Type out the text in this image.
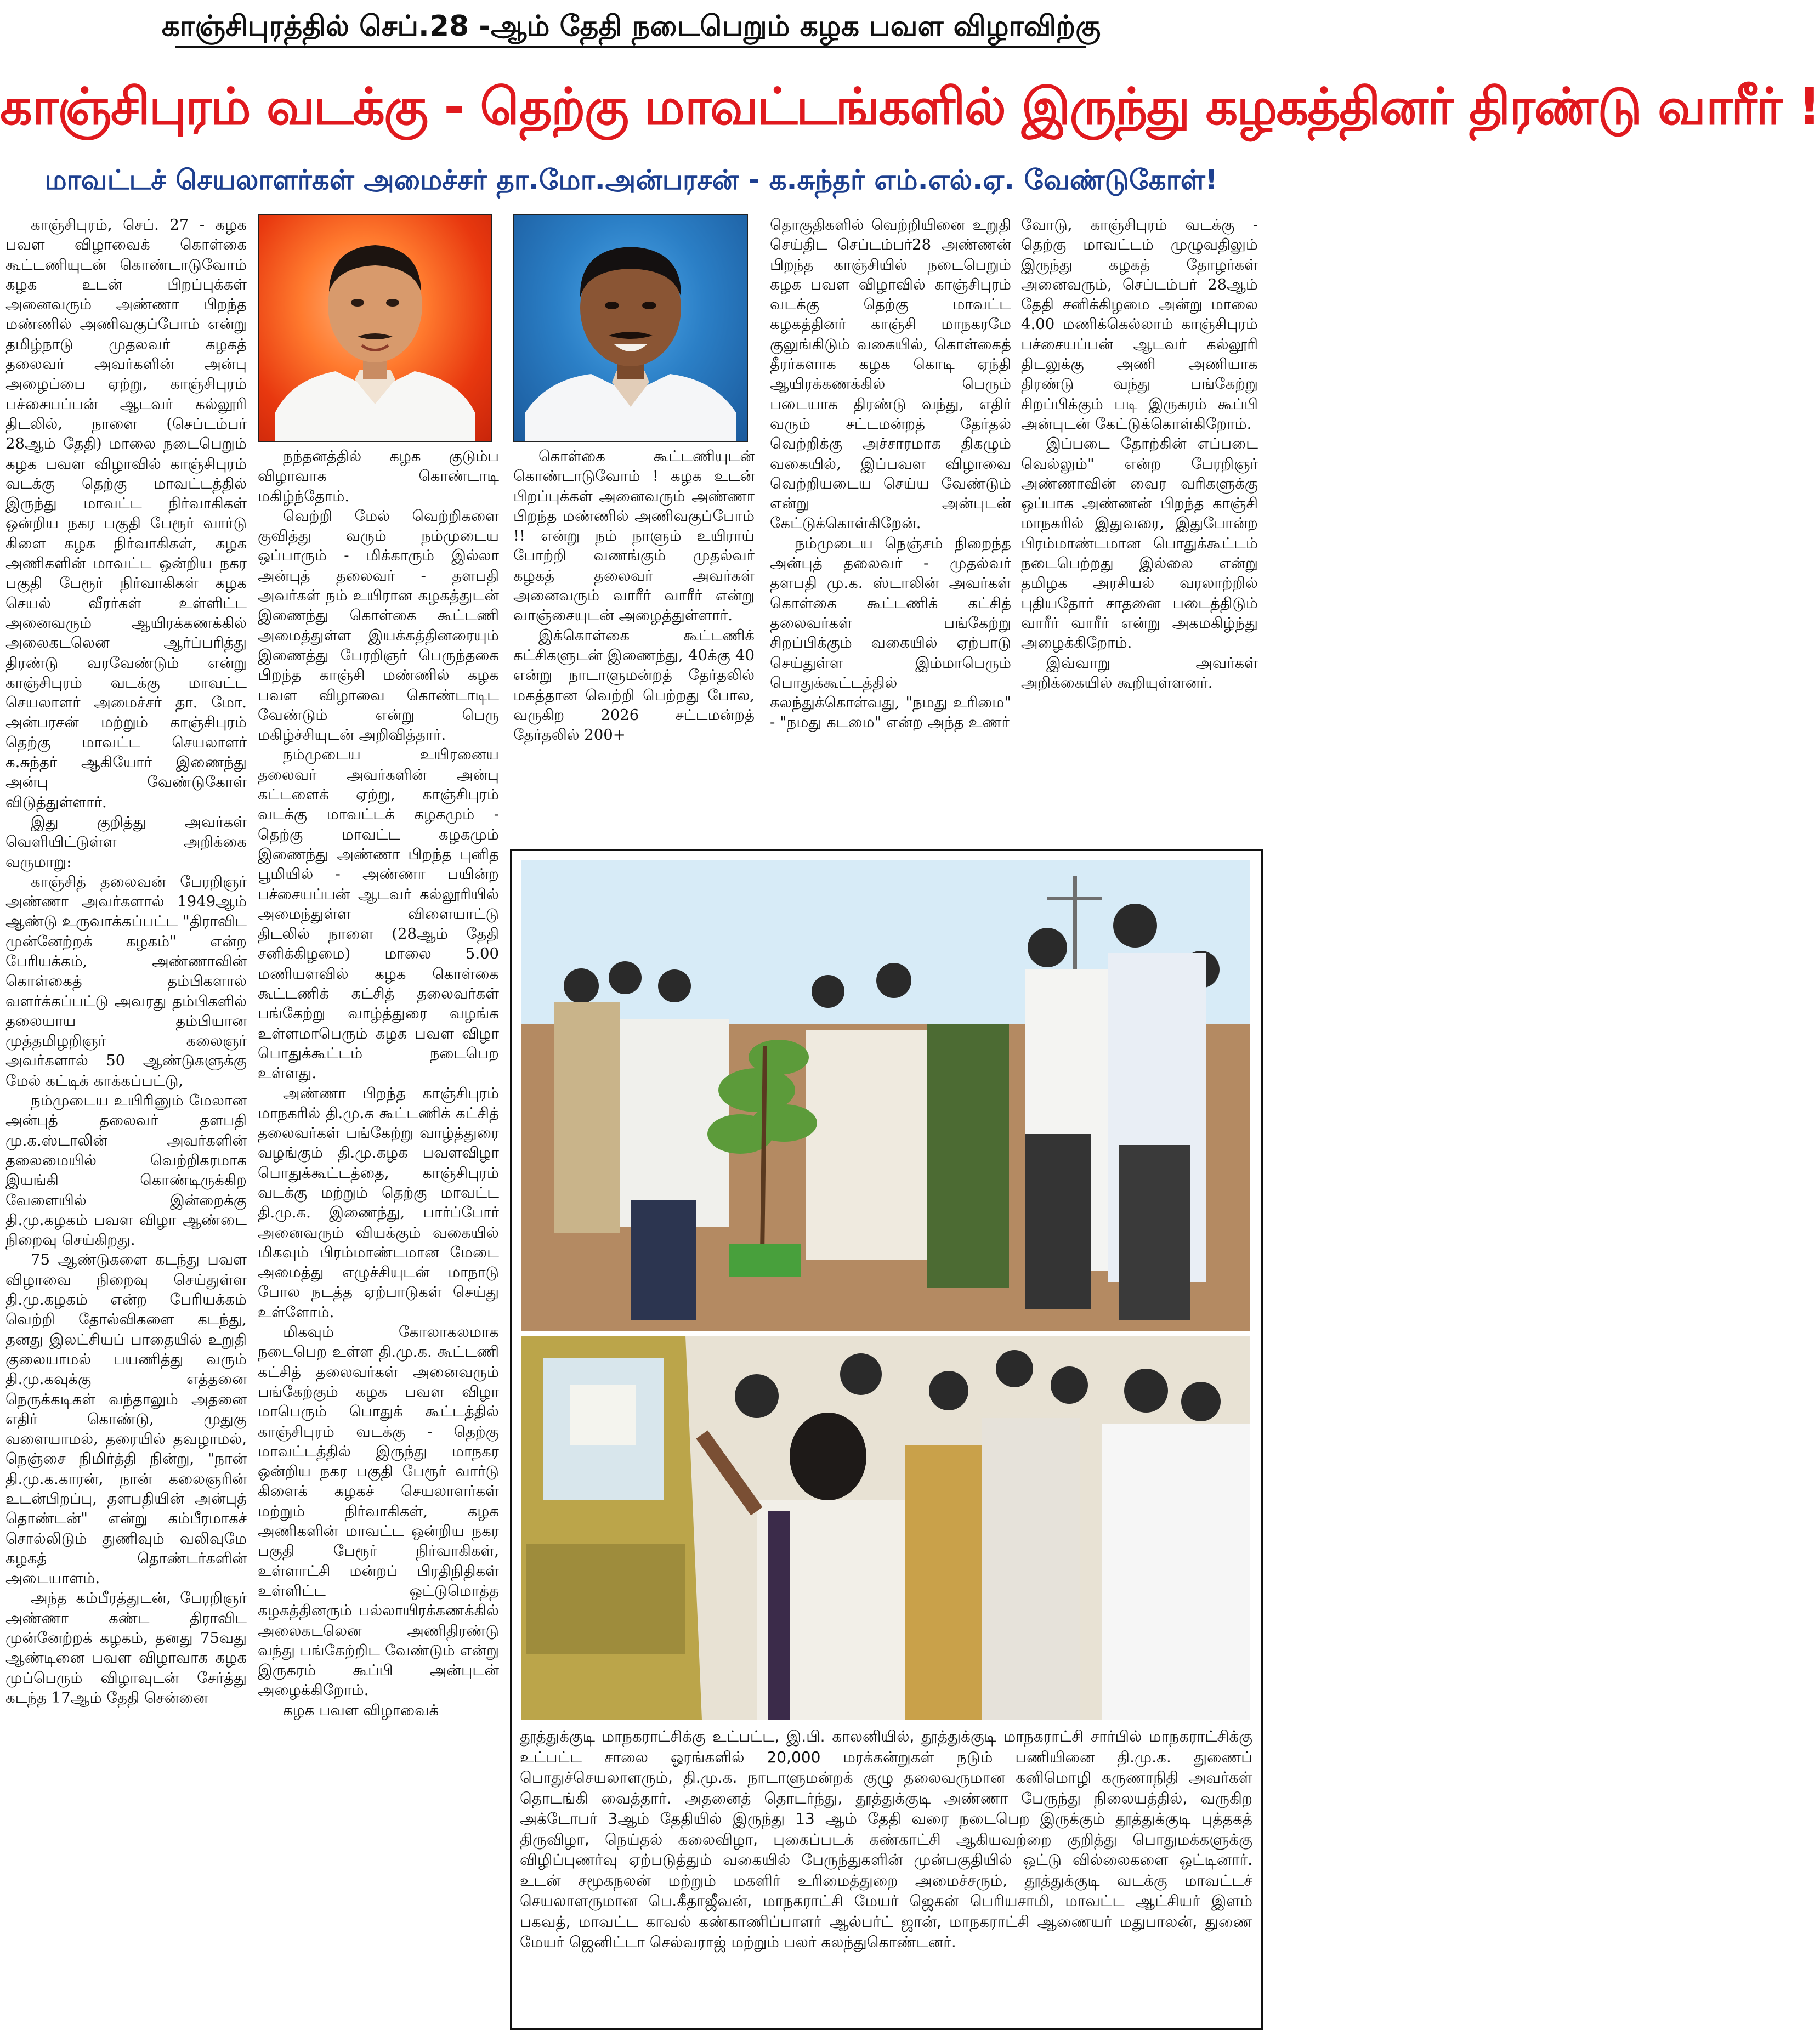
காஞ்சிபுரத்தில் செப்.28 -ஆம் தேதி நடைபெறும் கழக பவள விழாவிற்கு
காஞ்சிபுரம் வடக்கு - தெற்கு மாவட்டங்களில் இருந்து கழகத்தினர் திரண்டு வாரீர் !
மாவட்டச் செயலாளர்கள் அமைச்சர் தா.மோ.அன்பரசன் - க.சுந்தர் எம்.எல்.ஏ. வேண்டுகோள்!

காஞ்சிபுரம், செப். 27 - கழக பவள விழாவைக் கொள்கை கூட்டணியுடன் கொண்டாடுவோம் கழக உடன் பிறப்புக்கள் அனைவரும் அண்ணா பிறந்த மண்ணில் அணிவகுப்போம் என்று தமிழ்நாடு முதலவர் கழகத் தலைவர் அவர்களின் அன்பு அழைப்பை ஏற்று, காஞ்சிபுரம் பச்சையப்பன் ஆடவர் கல்லூரி திடலில், நாளை (செப்டம்பர் 28ஆம் தேதி) மாலை நடைபெறும் கழக பவள விழாவில் காஞ்சிபுரம் வடக்கு தெற்கு மாவட்டத்தில் இருந்து மாவட்ட நிர்வாகிகள் ஒன்றிய நகர பகுதி பேரூர் வார்டு கிளை கழக நிர்வாகிகள், கழக அணிகளின் மாவட்ட ஒன்றிய நகர பகுதி பேரூர் நிர்வாகிகள் கழக செயல் வீரர்கள் உள்ளிட்ட அனைவரும் ஆயிரக்கணக்கில் அலைகடலென ஆர்ப்பரித்து திரண்டு வரவேண்டும் என்று காஞ்சிபுரம் வடக்கு மாவட்ட செயலாளர் அமைச்சர் தா. மோ. அன்பரசன் மற்றும் காஞ்சிபுரம் தெற்கு மாவட்ட செயலாளர் க.சுந்தர் ஆகியோர் இணைந்து அன்பு வேண்டுகோள் விடுத்துள்ளார்.

இது குறித்து அவர்கள் வெளியிட்டுள்ள அறிக்கை வருமாறு:

காஞ்சித் தலைவன் பேரறிஞர் அண்ணா அவர்களால் 1949ஆம் ஆண்டு உருவாக்கப்பட்ட "திராவிட முன்னேற்றக் கழகம்" என்ற பேரியக்கம், அண்ணாவின் கொள்கைத் தம்பிகளால் வளர்க்கப்பட்டு அவரது தம்பிகளில் தலையாய தம்பியான முத்தமிழறிஞர் கலைஞர் அவர்களால் 50 ஆண்டுகளுக்கு மேல் கட்டிக் காக்கப்பட்டு,

நம்முடைய உயிரினும் மேலான அன்புத் தலைவர் தளபதி மு.க.ஸ்டாலின் அவர்களின் தலைமையில் வெற்றிகரமாக இயங்கி கொண்டிருக்கிற வேளையில் இன்றைக்கு தி.மு.கழகம் பவள விழா ஆண்டை நிறைவு செய்கிறது.

75 ஆண்டுகளை கடந்து பவள விழாவை நிறைவு செய்துள்ள தி.மு.கழகம் என்ற பேரியக்கம் வெற்றி தோல்விகளை கடந்து, தனது இலட்சியப் பாதையில் உறுதி குலையாமல் பயணித்து வரும் தி.மு.கவுக்கு எத்தனை நெருக்கடிகள் வந்தாலும் அதனை எதிர் கொண்டு, முதுகு வளையாமல், தரையில் தவழாமல், நெஞ்சை நிமிர்த்தி நின்று, "நான் தி.மு.க.காரன், நான் கலைஞரின் உடன்பிறப்பு, தளபதியின் அன்புத் தொண்டன்" என்று கம்பீரமாகச் சொல்லிடும் துணிவும் வலிவுமே கழகத் தொண்டர்களின் அடையாளம்.

அந்த கம்பீரத்துடன், பேரறிஞர் அண்ணா கண்ட திராவிட முன்னேற்றக் கழகம், தனது 75வது ஆண்டினை பவள விழாவாக கழக முப்பெரும் விழாவுடன் சேர்த்து கடந்த 17ஆம் தேதி சென்னை

நந்தனத்தில் கழக குடும்ப விழாவாக கொண்டாடி மகிழ்ந்தோம்.

வெற்றி மேல் வெற்றிகளை குவித்து வரும் நம்முடைய ஒப்பாரும் - மிக்காரும் இல்லா அன்புத் தலைவர் - தளபதி அவர்கள் நம் உயிரான கழகத்துடன் இணைந்து கொள்கை கூட்டணி அமைத்துள்ள இயக்கத்தினரையும் இணைத்து பேரறிஞர் பெருந்தகை பிறந்த காஞ்சி மண்ணில் கழக பவள விழாவை கொண்டாடிட வேண்டும் என்று பெரு மகிழ்ச்சியுடன் அறிவித்தார்.

நம்முடைய உயிரனைய தலைவர் அவர்களின் அன்பு கட்டளைக் ஏற்று, காஞ்சிபுரம் வடக்கு மாவட்டக் கழகமும் - தெற்கு மாவட்ட கழகமும் இணைந்து அண்ணா பிறந்த புனித பூமியில் - அண்ணா பயின்ற பச்சையப்பன் ஆடவர் கல்லூரியில் அமைந்துள்ள விளையாட்டு திடலில் நாளை (28ஆம் தேதி சனிக்கிழமை) மாலை 5.00 மணியளவில் கழக கொள்கை கூட்டணிக் கட்சித் தலைவர்கள் பங்கேற்று வாழ்த்துரை வழங்க உள்ளமாபெரும் கழக பவள விழா பொதுக்கூட்டம் நடைபெற உள்ளது.

அண்ணா பிறந்த காஞ்சிபுரம் மாநகரில் தி.மு.க கூட்டணிக் கட்சித் தலைவர்கள் பங்கேற்று வாழ்த்துரை வழங்கும் தி.மு.கழக பவளவிழா பொதுக்கூட்டத்தை, காஞ்சிபுரம் வடக்கு மற்றும் தெற்கு மாவட்ட தி.மு.க. இணைந்து, பார்ப்போர் அனைவரும் வியக்கும் வகையில் மிகவும் பிரம்மாண்டமான மேடை அமைத்து எழுச்சியுடன் மாநாடு போல நடத்த ஏற்பாடுகள் செய்து உள்ளோம்.

மிகவும் கோலாகலமாக நடைபெற உள்ள தி.மு.க. கூட்டணி கட்சித் தலைவர்கள் அனைவரும் பங்கேற்கும் கழக பவள விழா மாபெரும் பொதுக் கூட்டத்தில் காஞ்சிபுரம் வடக்கு - தெற்கு மாவட்டத்தில் இருந்து மாநகர ஒன்றிய நகர பகுதி பேரூர் வார்டு கிளைக் கழகச் செயலாளர்கள் மற்றும் நிர்வாகிகள், கழக அணிகளின் மாவட்ட ஒன்றிய நகர பகுதி பேரூர் நிர்வாகிகள், உள்ளாட்சி மன்றப் பிரதிநிதிகள் உள்ளிட்ட ஒட்டுமொத்த கழகத்தினரும் பல்லாயிரக்கணக்கில் அலைகடலென அணிதிரண்டு வந்து பங்கேற்றிட வேண்டும் என்று இருகரம் கூப்பி அன்புடன் அழைக்கிறோம்.

கழக பவள விழாவைக்

கொள்கை கூட்டணியுடன் கொண்டாடுவோம் ! கழக உடன் பிறப்புக்கள் அனைவரும் அண்ணா பிறந்த மண்ணில் அணிவகுப்போம் !! என்று நம் நாளும் உயிராய் போற்றி வணங்கும் முதல்வர் கழகத் தலைவர் அவர்கள் அனைவரும் வாரீர் வாரீர் என்று வாஞ்சையுடன் அழைத்துள்ளார்.

இக்கொள்கை கூட்டணிக் கட்சிகளுடன் இணைந்து, 40க்கு 40 என்று நாடாளுமன்றத் தேர்தலில் மகத்தான வெற்றி பெற்றது போல, வருகிற 2026 சட்டமன்றத் தேர்தலில் 200+

தொகுதிகளில் வெற்றியினை உறுதி செய்திட செப்டம்பர்28 அண்ணன் பிறந்த காஞ்சியில் நடைபெறும் கழக பவள விழாவில் காஞ்சிபுரம் வடக்கு தெற்கு மாவட்ட கழகத்தினர் காஞ்சி மாநகரமே குலுங்கிடும் வகையில், கொள்கைத் தீரர்களாக கழக கொடி ஏந்தி ஆயிரக்கணக்கில் பெரும் படையாக திரண்டு வந்து, எதிர் வரும் சட்டமன்றத் தேர்தல் வெற்றிக்கு அச்சாரமாக திகழும் வகையில், இப்பவள விழாவை வெற்றியடைய செய்ய வேண்டும் என்று அன்புடன் கேட்டுக்கொள்கிறேன்.

நம்முடைய நெஞ்சம் நிறைந்த அன்புத் தலைவர் - முதல்வர் தளபதி மு.க. ஸ்டாலின் அவர்கள் கொள்கை கூட்டணிக் கட்சித் தலைவர்கள் பங்கேற்று சிறப்பிக்கும் வகையில் ஏற்பாடு செய்துள்ள இம்மாபெரும் பொதுக்கூட்டத்தில் கலந்துக்கொள்வது, "நமது உரிமை" - "நமது கடமை" என்ற அந்த உணர்

வோடு, காஞ்சிபுரம் வடக்கு - தெற்கு மாவட்டம் முழுவதிலும் இருந்து கழகத் தோழர்கள் அனைவரும், செப்டம்பர் 28ஆம் தேதி சனிக்கிழமை அன்று மாலை 4.00 மணிக்கெல்லாம் காஞ்சிபுரம் பச்சையப்பன் ஆடவர் கல்லூரி திடலுக்கு அணி அணியாக திரண்டு வந்து பங்கேற்று சிறப்பிக்கும் படி இருகரம் கூப்பி அன்புடன் கேட்டுக்கொள்கிறோம்.

இப்படை தோற்கின் எப்படை வெல்லும்" என்ற பேரறிஞர் அண்ணாவின் வைர வரிகளுக்கு ஒப்பாக அண்ணன் பிறந்த காஞ்சி மாநகரில் இதுவரை, இதுபோன்ற பிரம்மாண்டமான பொதுக்கூட்டம் நடைபெற்றது இல்லை என்று தமிழக அரசியல் வரலாற்றில் புதியதோர் சாதனை படைத்திடும் வாரீர் வாரீர் என்று அகமகிழ்ந்து அழைக்கிறோம்.

இவ்வாறு அவர்கள் அறிக்கையில் கூறியுள்ளனர்.

தூத்துக்குடி மாநகராட்சிக்கு உட்பட்ட, இ.பி. காலனியில், தூத்துக்குடி மாநகராட்சி சார்பில் மாநகராட்சிக்கு உட்பட்ட சாலை ஓரங்களில் 20,000 மரக்கன்றுகள் நடும் பணியினை தி.மு.க. துணைப் பொதுச்செயலாளரும், தி.மு.க. நாடாளுமன்றக் குழு தலைவருமான கனிமொழி கருணாநிதி அவர்கள் தொடங்கி வைத்தார். அதனைத் தொடர்ந்து, தூத்துக்குடி அண்ணா பேருந்து நிலையத்தில், வருகிற அக்டோபர் 3ஆம் தேதியில் இருந்து 13 ஆம் தேதி வரை நடைபெற இருக்கும் தூத்துக்குடி புத்தகத் திருவிழா, நெய்தல் கலைவிழா, புகைப்படக் கண்காட்சி ஆகியவற்றை குறித்து பொதுமக்களுக்கு விழிப்புணர்வு ஏற்படுத்தும் வகையில் பேருந்துகளின் முன்பகுதியில் ஒட்டு வில்லைகளை ஒட்டினார். உடன் சமூகநலன் மற்றும் மகளிர் உரிமைத்துறை அமைச்சரும், தூத்துக்குடி வடக்கு மாவட்டச் செயலாளருமான பெ.கீதாஜீவன், மாநகராட்சி மேயர் ஜெகன் பெரியசாமி, மாவட்ட ஆட்சியர் இளம் பகவத், மாவட்ட காவல் கண்காணிப்பாளர் ஆல்பர்ட் ஜான், மாநகராட்சி ஆணையர் மதுபாலன், துணை மேயர் ஜெனிட்டா செல்வராஜ் மற்றும் பலர் கலந்துகொண்டனர்.
